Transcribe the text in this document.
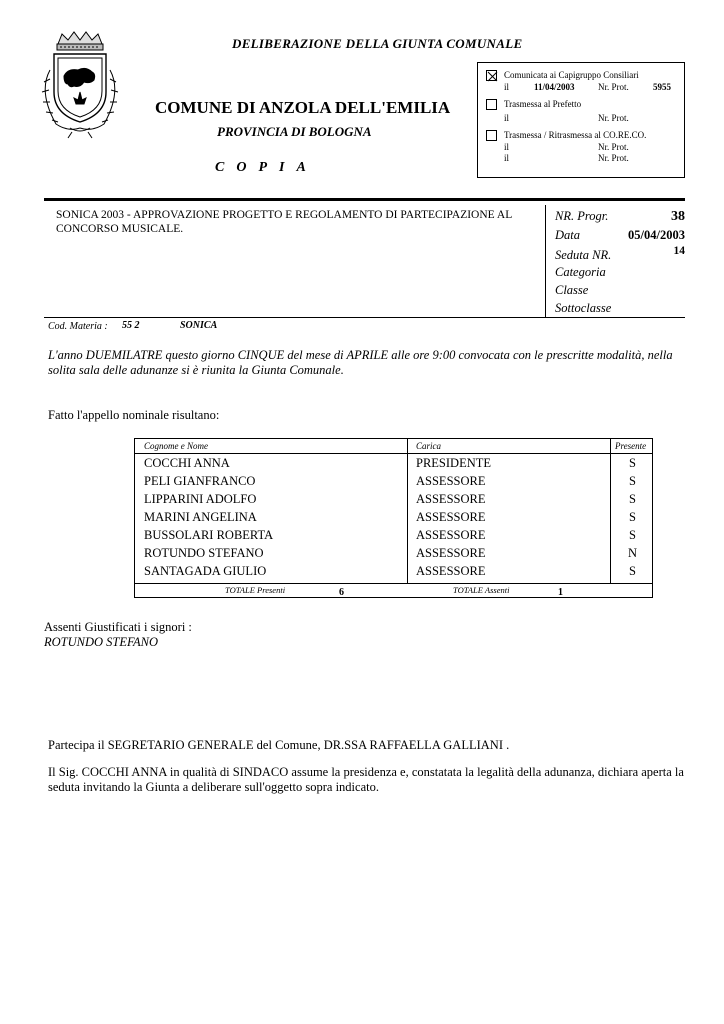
DELIBERAZIONE DELLA GIUNTA COMUNALE
COMUNE DI ANZOLA DELL'EMILIA
PROVINCIA DI BOLOGNA
COPIA
Comunicata ai Capigruppo Consiliari
il	11/04/2003	Nr. Prot.	5955
Trasmessa al Prefetto
il	Nr. Prot.
Trasmessa / Ritrasmessa al CO.RE.CO.
il	Nr. Prot.
il	Nr. Prot.
SONICA 2003 - APPROVAZIONE PROGETTO E REGOLAMENTO DI PARTECIPAZIONE AL CONCORSO MUSICALE.
NR. Progr.	38
Data	05/04/2003
Seduta NR.	14
Categoria
Classe
Sottoclasse
Cod. Materia : 55 2	SONICA
L'anno DUEMILATRE questo giorno CINQUE del mese di APRILE alle ore 9:00 convocata con le prescritte modalità, nella solita sala delle adunanze si è riunita la Giunta Comunale.
Fatto l'appello nominale risultano:
Cognome e Nome	Carica	Presente
COCCHI ANNA	PRESIDENTE	S
PELI GIANFRANCO	ASSESSORE	S
LIPPARINI ADOLFO	ASSESSORE	S
MARINI ANGELINA	ASSESSORE	S
BUSSOLARI ROBERTA	ASSESSORE	S
ROTUNDO STEFANO	ASSESSORE	N
SANTAGADA GIULIO	ASSESSORE	S
TOTALE Presenti	6	TOTALE Assenti	1
Assenti Giustificati i signori :
ROTUNDO STEFANO
Partecipa il SEGRETARIO GENERALE del Comune, DR.SSA RAFFAELLA GALLIANI .
Il Sig. COCCHI ANNA in qualità di SINDACO assume la presidenza e, constatata la legalità della adunanza, dichiara aperta la seduta invitando la Giunta a deliberare sull'oggetto sopra indicato.
